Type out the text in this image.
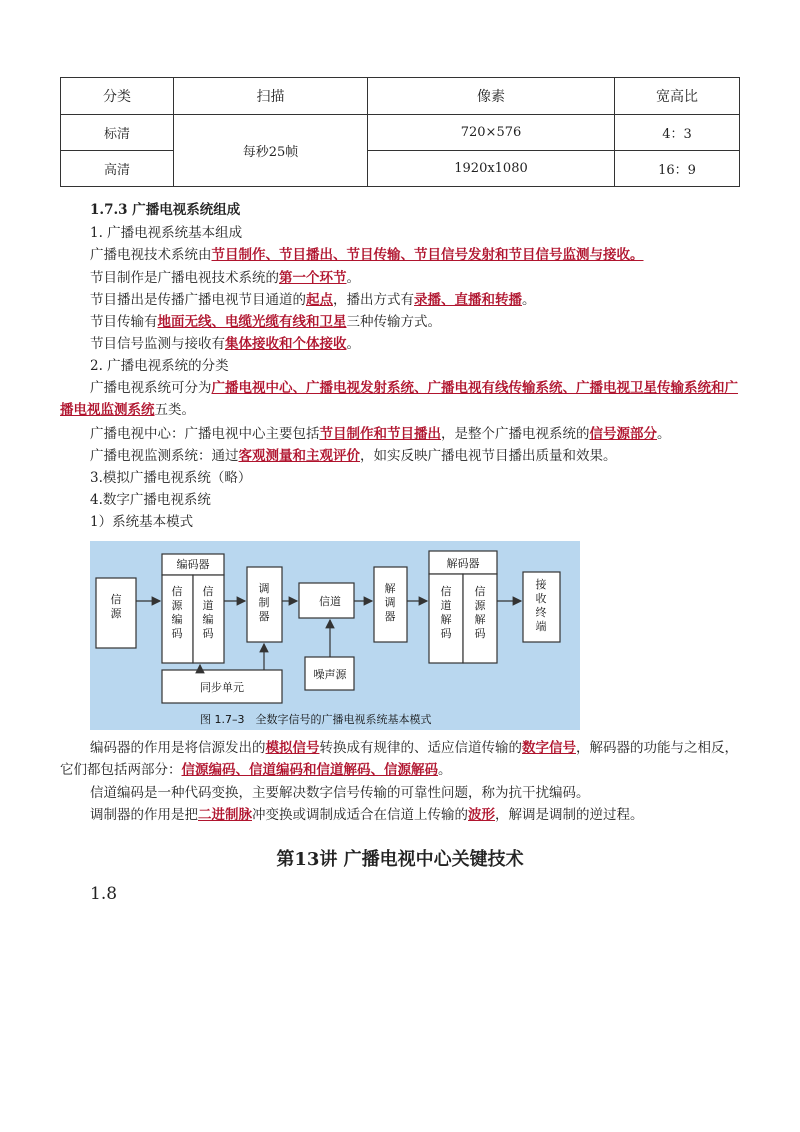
分类	扫描	像素	宽高比
标清	每秒25帧	720×576	4：3
高清		1920x1080	16：9
1.7.3 广播电视系统组成
1. 广播电视系统基本组成
广播电视技术系统由节目制作、节目播出、节目传输、节目信号发射和节目信号监测与接收。
节目制作是广播电视技术系统的第一个环节。
节目播出是传播广播电视节目通道的起点，播出方式有录播、直播和转播。
节目传输有地面无线、电缆光缆有线和卫星三种传输方式。
节目信号监测与接收有集体接收和个体接收。
2. 广播电视系统的分类
广播电视系统可分为广播电视中心、广播电视发射系统、广播电视有线传输系统、广播电视卫星传输系统和广播电视监测系统五类。
广播电视中心：广播电视中心主要包括节目制作和节目播出，是整个广播电视系统的信号源部分。
广播电视监测系统：通过客观测量和主观评价，如实反映广播电视节目播出质量和效果。
3.模拟广播电视系统（略）
4.数字广播电视系统
1）系统基本模式
编码器
信道
解码器
同步单元
噪声源
图 1.7–3　全数字信号的广播电视系统基本模式
信源
信源编码
信道编码
调制器
解调器
信道解码
信源解码
接收终端
编码器的作用是将信源发出的模拟信号转换成有规律的、适应信道传输的数字信号，解码器的功能与之相反，它们都包括两部分：信源编码、信道编码和信道解码、信源解码。
信道编码是一种代码变换，主要解决数字信号传输的可靠性问题，称为抗干扰编码。
调制器的作用是把二进制脉冲变换或调制成适合在信道上传输的波形，解调是调制的逆过程。
第13讲 广播电视中心关键技术
1.8
